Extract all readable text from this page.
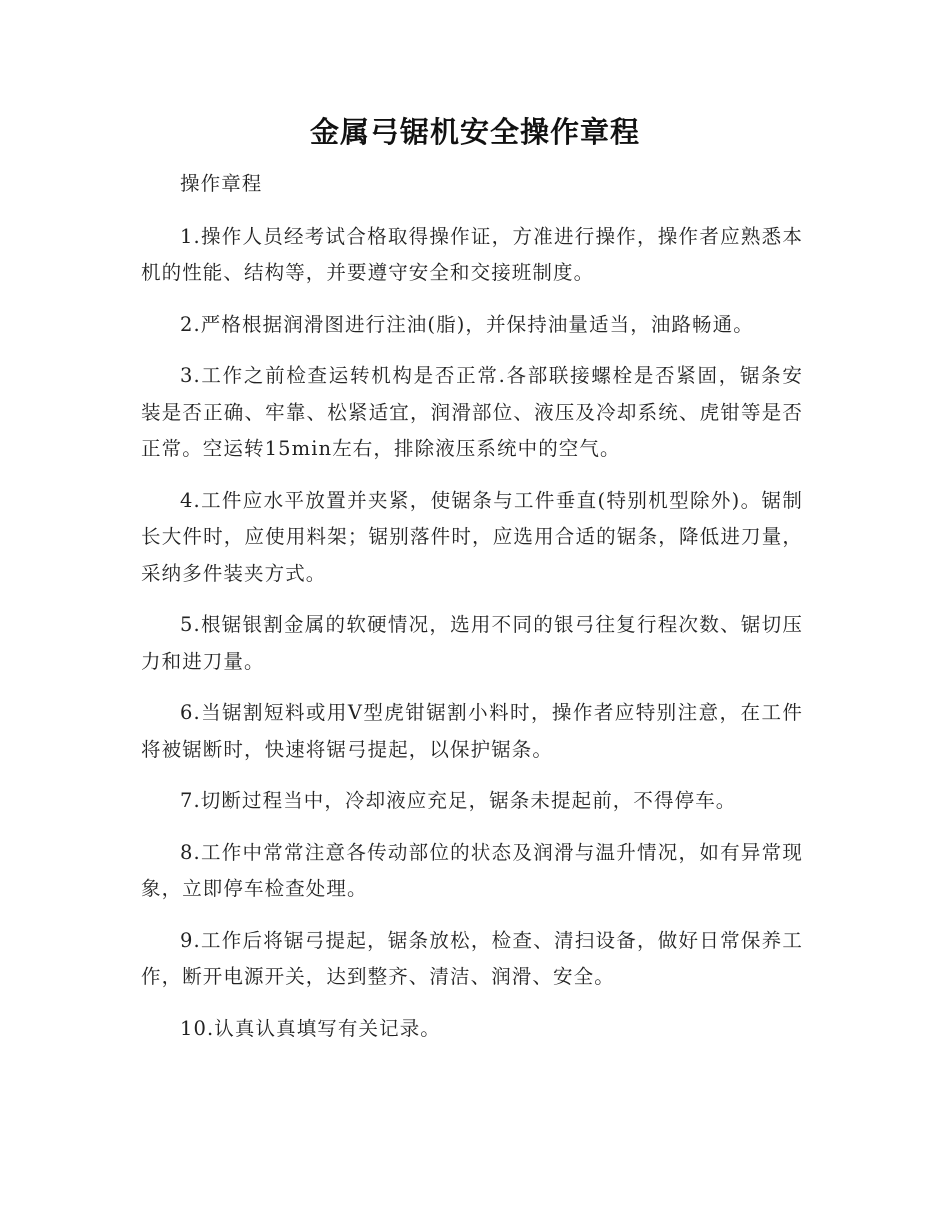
金属弓锯机安全操作章程

操作章程

1.操作人员经考试合格取得操作证，方准进行操作，操作者应熟悉本机的性能、结构等，并要遵守安全和交接班制度。

2.严格根据润滑图进行注油(脂)，并保持油量适当，油路畅通。

3.工作之前检查运转机构是否正常.各部联接螺栓是否紧固，锯条安装是否正确、牢靠、松紧适宜，润滑部位、液压及冷却系统、虎钳等是否正常。空运转15min左右，排除液压系统中的空气。

4.工件应水平放置并夹紧，使锯条与工件垂直(特别机型除外)。锯制长大件时，应使用料架；锯别落件时，应选用合适的锯条，降低进刀量，采纳多件装夹方式。

5.根锯银割金属的软硬情况，选用不同的银弓往复行程次数、锯切压力和进刀量。

6.当锯割短料或用V型虎钳锯割小料时，操作者应特别注意，在工件将被锯断时，快速将锯弓提起，以保护锯条。

7.切断过程当中，冷却液应充足，锯条未提起前，不得停车。

8.工作中常常注意各传动部位的状态及润滑与温升情况，如有异常现象，立即停车检查处理。

9.工作后将锯弓提起，锯条放松，检查、清扫设备，做好日常保养工作，断开电源开关，达到整齐、清洁、润滑、安全。

10.认真认真填写有关记录。
